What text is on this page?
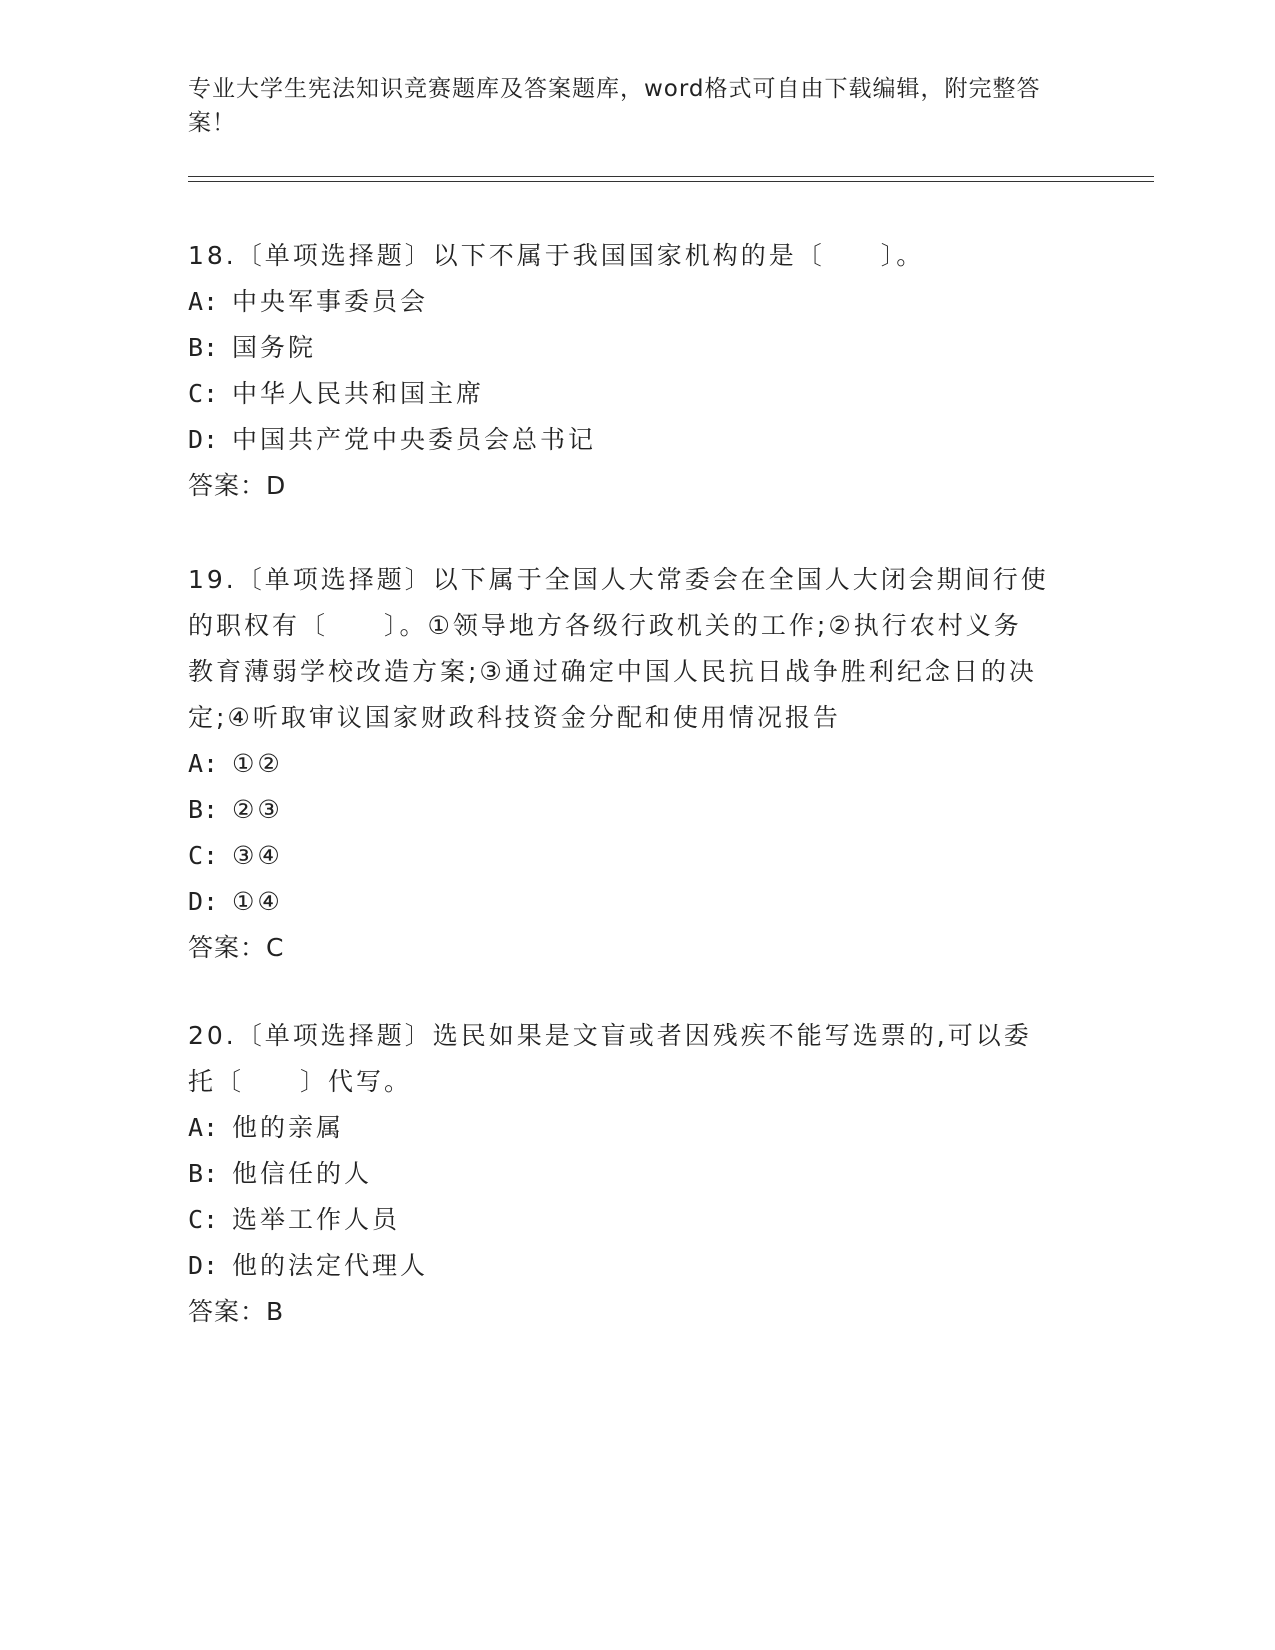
专业大学生宪法知识竞赛题库及答案题库，word格式可自由下载编辑，附完整答
案！
18.〔单项选择题〕以下不属于我国国家机构的是〔　　〕。
A: 中央军事委员会
B: 国务院
C: 中华人民共和国主席
D: 中国共产党中央委员会总书记
答案：D
19.〔单项选择题〕以下属于全国人大常委会在全国人大闭会期间行使
的职权有〔　　〕。①领导地方各级行政机关的工作;②执行农村义务
教育薄弱学校改造方案;③通过确定中国人民抗日战争胜利纪念日的决
定;④听取审议国家财政科技资金分配和使用情况报告
A: ①②
B: ②③
C: ③④
D: ①④
答案：C
20.〔单项选择题〕选民如果是文盲或者因残疾不能写选票的,可以委
托〔　　〕代写。
A: 他的亲属
B: 他信任的人
C: 选举工作人员
D: 他的法定代理人
答案：B
